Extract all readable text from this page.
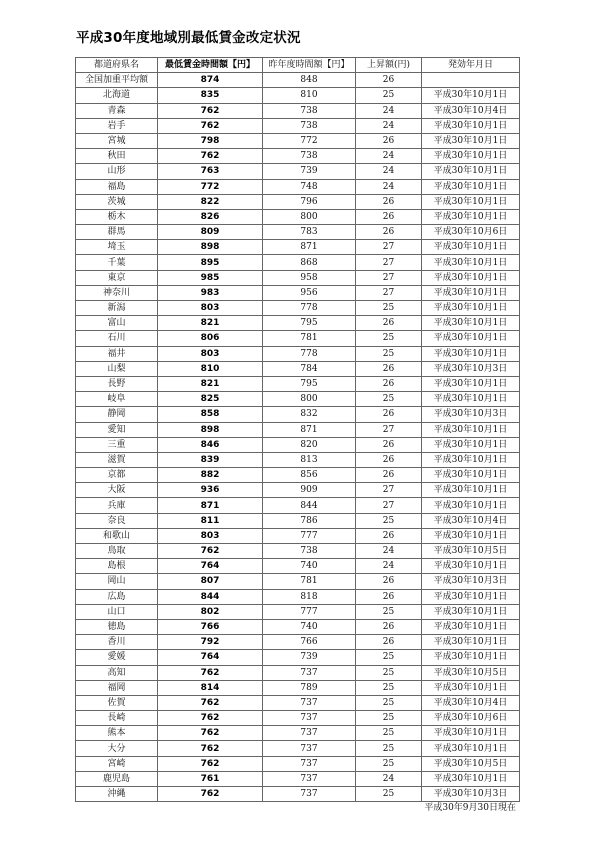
平成30年度地域別最低賃金改定状況
都道府県名	最低賃金時間額【円】	昨年度時間額【円】	上昇額(円)	発効年月日
全国加重平均額	874	848	26	
北海道	835	810	25	平成30年10月1日
青森	762	738	24	平成30年10月4日
岩手	762	738	24	平成30年10月1日
宮城	798	772	26	平成30年10月1日
秋田	762	738	24	平成30年10月1日
山形	763	739	24	平成30年10月1日
福島	772	748	24	平成30年10月1日
茨城	822	796	26	平成30年10月1日
栃木	826	800	26	平成30年10月1日
群馬	809	783	26	平成30年10月6日
埼玉	898	871	27	平成30年10月1日
千葉	895	868	27	平成30年10月1日
東京	985	958	27	平成30年10月1日
神奈川	983	956	27	平成30年10月1日
新潟	803	778	25	平成30年10月1日
富山	821	795	26	平成30年10月1日
石川	806	781	25	平成30年10月1日
福井	803	778	25	平成30年10月1日
山梨	810	784	26	平成30年10月3日
長野	821	795	26	平成30年10月1日
岐阜	825	800	25	平成30年10月1日
静岡	858	832	26	平成30年10月3日
愛知	898	871	27	平成30年10月1日
三重	846	820	26	平成30年10月1日
滋賀	839	813	26	平成30年10月1日
京都	882	856	26	平成30年10月1日
大阪	936	909	27	平成30年10月1日
兵庫	871	844	27	平成30年10月1日
奈良	811	786	25	平成30年10月4日
和歌山	803	777	26	平成30年10月1日
鳥取	762	738	24	平成30年10月5日
島根	764	740	24	平成30年10月1日
岡山	807	781	26	平成30年10月3日
広島	844	818	26	平成30年10月1日
山口	802	777	25	平成30年10月1日
徳島	766	740	26	平成30年10月1日
香川	792	766	26	平成30年10月1日
愛媛	764	739	25	平成30年10月1日
高知	762	737	25	平成30年10月5日
福岡	814	789	25	平成30年10月1日
佐賀	762	737	25	平成30年10月4日
長崎	762	737	25	平成30年10月6日
熊本	762	737	25	平成30年10月1日
大分	762	737	25	平成30年10月1日
宮崎	762	737	25	平成30年10月5日
鹿児島	761	737	24	平成30年10月1日
沖縄	762	737	25	平成30年10月3日
平成30年9月30日現在
